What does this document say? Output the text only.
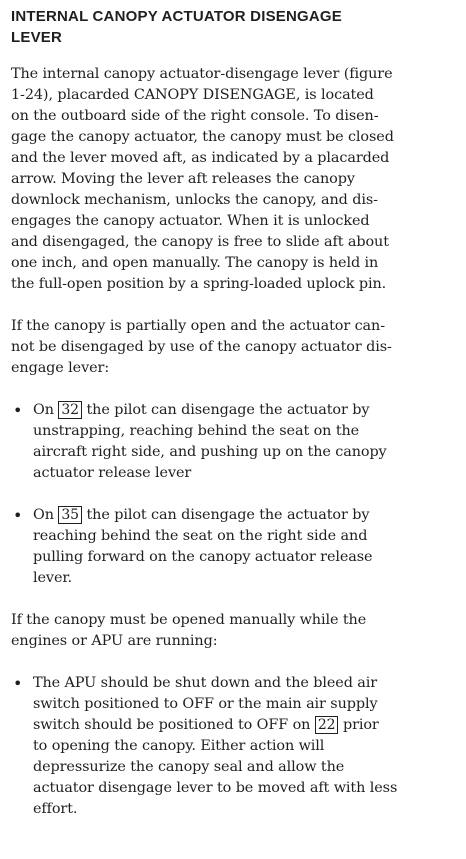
INTERNAL CANOPY ACTUATOR DISENGAGE
LEVER
The internal canopy actuator-disengage lever (figure
1-24), placarded CANOPY DISENGAGE, is located
on the outboard side of the right console. To disen-
gage the canopy actuator, the canopy must be closed
and the lever moved aft, as indicated by a placarded
arrow. Moving the lever aft releases the canopy
downlock mechanism, unlocks the canopy, and dis-
engages the canopy actuator. When it is unlocked
and disengaged, the canopy is free to slide aft about
one inch, and open manually. The canopy is held in
the full-open position by a spring-loaded uplock pin.
If the canopy is partially open and the actuator can-
not be disengaged by use of the canopy actuator dis-
engage lever:
• On 32 the pilot can disengage the actuator by
unstrapping, reaching behind the seat on the
aircraft right side, and pushing up on the canopy
actuator release lever
• On 35 the pilot can disengage the actuator by
reaching behind the seat on the right side and
pulling forward on the canopy actuator release
lever.
If the canopy must be opened manually while the
engines or APU are running:
• The APU should be shut down and the bleed air
switch positioned to OFF or the main air supply
switch should be positioned to OFF on 22 prior
to opening the canopy. Either action will
depressurize the canopy seal and allow the
actuator disengage lever to be moved aft with less
effort.
